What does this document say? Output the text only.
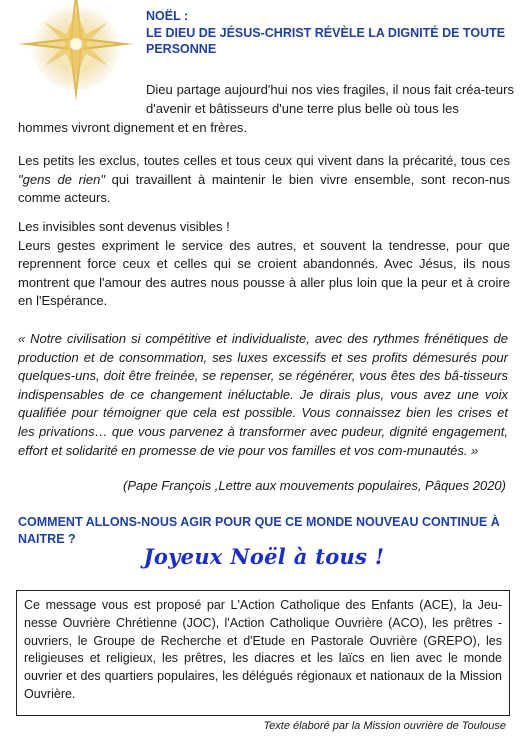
NOËL :
LE DIEU DE JÉSUS-CHRIST RÉVÈLE LA DIGNITÉ DE TOUTE PERSONNE

Dieu partage aujourd'hui nos vies fragiles, il nous fait créa-teurs d'avenir et bâtisseurs d'une terre plus belle où tous les

hommes vivront dignement et en frères.

Les petits les exclus, toutes celles et tous ceux qui vivent dans la précarité, tous ces "gens de rien" qui travaillent à maintenir le bien vivre ensemble, sont recon-nus comme acteurs.

Les invisibles sont devenus visibles !
Leurs gestes expriment le service des autres, et souvent la tendresse, pour que reprennent force ceux et celles qui se croient abandonnés. Avec Jésus, ils nous montrent que l'amour des autres nous pousse à aller plus loin que la peur et à croire en l'Espérance.

« Notre civilisation si compétitive et individualiste, avec des rythmes frénétiques de production et de consommation, ses luxes excessifs et ses profits démesurés pour quelques-uns, doit être freinée, se repenser, se régénérer, vous êtes des bâ-tisseurs indispensables de ce changement inéluctable. Je dirais plus, vous avez une voix qualifiée pour témoigner que cela est possible. Vous connaissez bien les crises et les privations… que vous parvenez à transformer avec pudeur, dignité engagement, effort et solidarité en promesse de vie pour vos familles et vos com-munautés. »

(Pape François ,Lettre aux mouvements populaires, Pâques 2020)
COMMENT ALLONS-NOUS AGIR POUR QUE CE MONDE NOUVEAU CONTINUE À NAITRE ?
Joyeux Noël à tous !
Ce message vous est proposé par L'Action Catholique des Enfants (ACE), la Jeu-nesse Ouvrière Chrétienne (JOC), l'Action Catholique Ouvrière (ACO), les prêtres -ouvriers, le Groupe de Recherche et d'Etude en Pastorale Ouvrière (GREPO), les religieuses et religieux, les prêtres, les diacres et les laïcs en lien avec le monde ouvrier et des quartiers populaires, les délégués régionaux et nationaux de la Mission Ouvrière.
Texte élaboré par la Mission ouvrière de Toulouse
